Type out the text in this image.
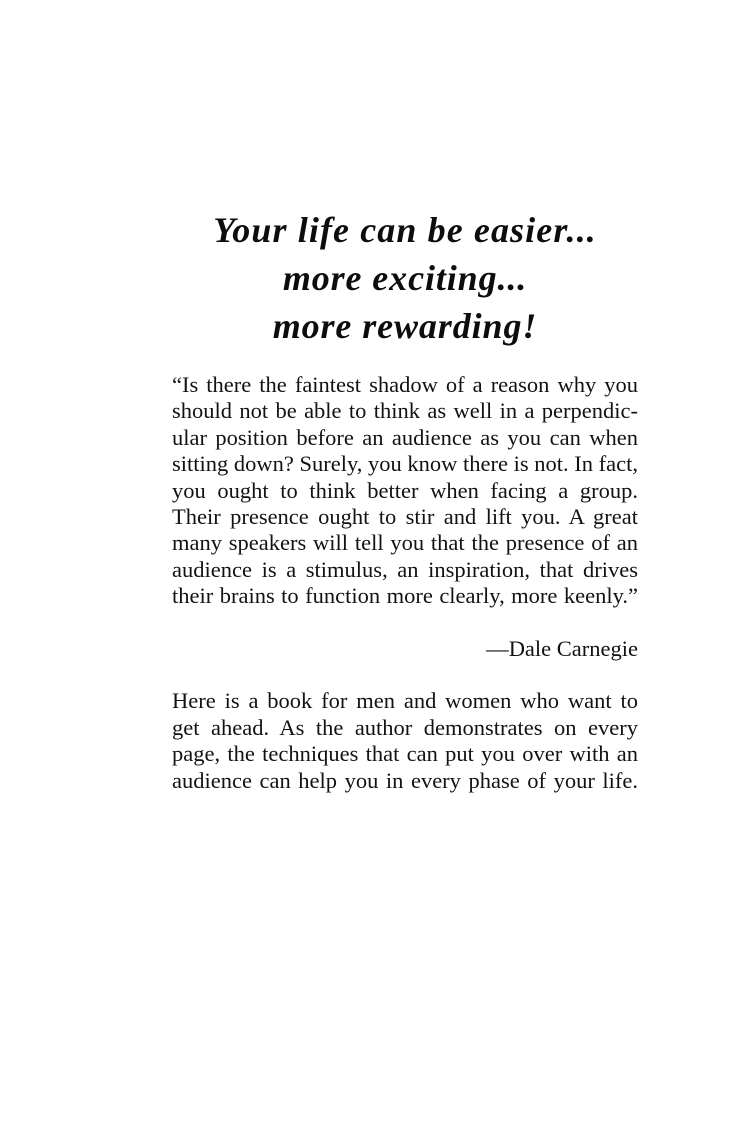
Your life can be easier...
more exciting...
more rewarding!

“Is there the faintest shadow of a reason why you should not be able to think as well in a perpendicular position before an audience as you can when sitting down? Surely, you know there is not. In fact, you ought to think better when facing a group. Their presence ought to stir and lift you. A great many speakers will tell you that the presence of an audience is a stimulus, an inspiration, that drives their brains to function more clearly, more keenly.”

—Dale Carnegie

Here is a book for men and women who want to get ahead. As the author demonstrates on every page, the techniques that can put you over with an audience can help you in every phase of your life.
